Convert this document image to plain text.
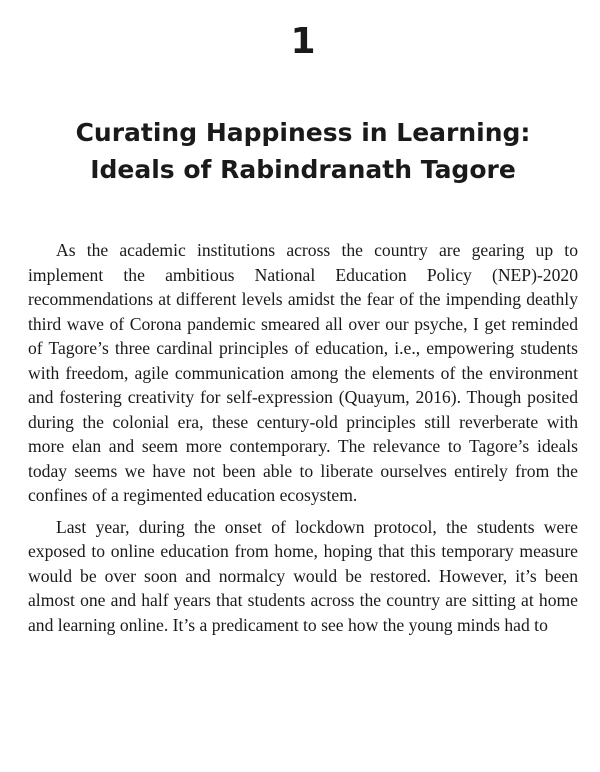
1
Curating Happiness in Learning:
Ideals of Rabindranath Tagore

As the academic institutions across the country are gearing up to implement the ambitious National Education Policy (NEP)-2020 recommendations at different levels amidst the fear of the impending deathly third wave of Corona pandemic smeared all over our psyche, I get reminded of Tagore’s three cardinal principles of education, i.e., empowering students with freedom, agile communication among the elements of the environment and fostering creativity for self-expression (Quayum, 2016). Though posited during the colonial era, these century-old principles still reverberate with more elan and seem more contemporary. The relevance to Tagore’s ideals today seems we have not been able to liberate ourselves entirely from the confines of a regimented education ecosystem.

Last year, during the onset of lockdown protocol, the students were exposed to online education from home, hoping that this temporary measure would be over soon and normalcy would be restored. However, it’s been almost one and half years that students across the country are sitting at home and learning online. It’s a predicament to see how the young minds had to
